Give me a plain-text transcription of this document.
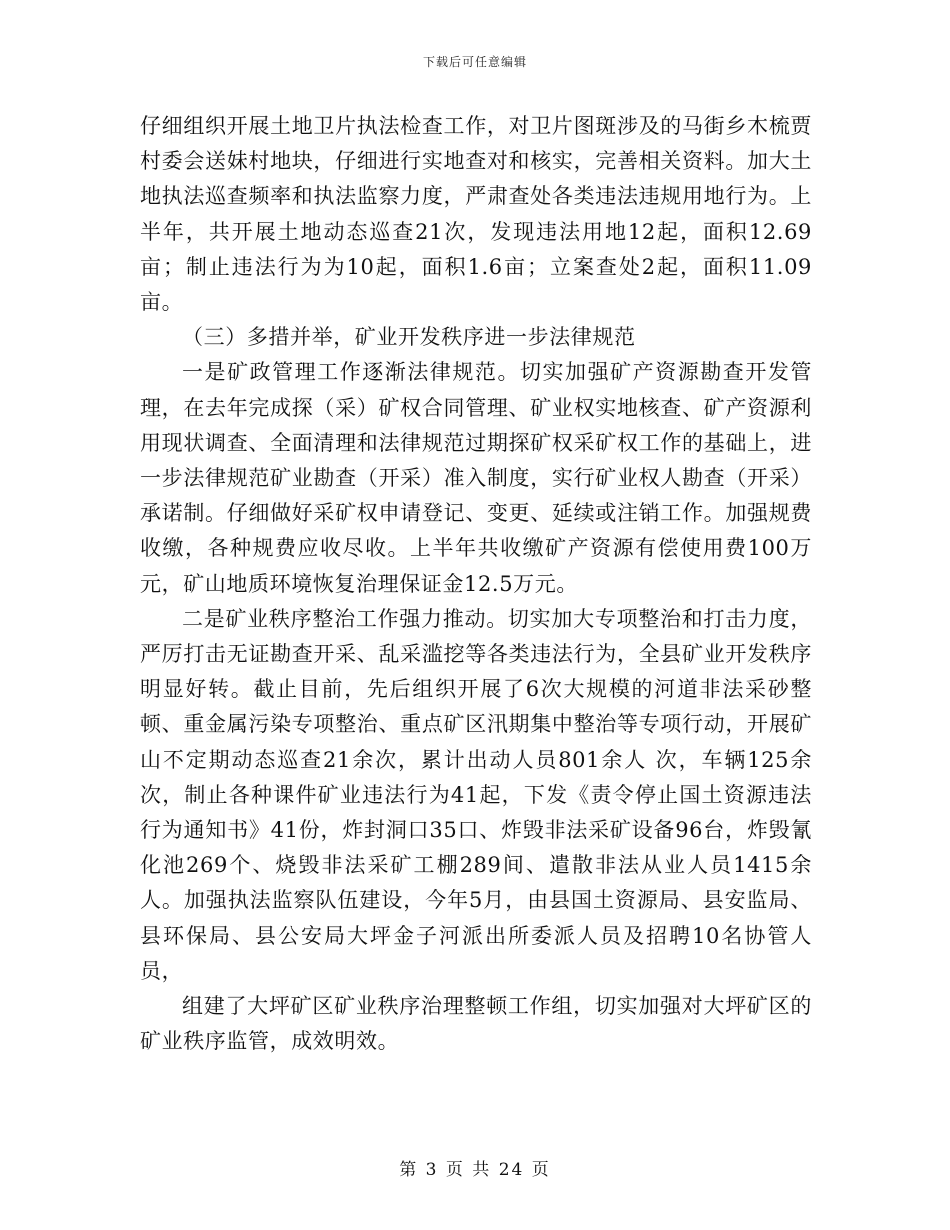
下载后可任意编辑

仔细组织开展土地卫片执法检查工作，对卫片图斑涉及的马街乡木梳贾村委会送妹村地块，仔细进行实地查对和核实，完善相关资料。加大土地执法巡查频率和执法监察力度，严肃查处各类违法违规用地行为。上半年，共开展土地动态巡查21次，发现违法用地12起，面积12.69亩；制止违法行为为10起，面积1.6亩；立案查处2起，面积11.09亩。

（三）多措并举，矿业开发秩序进一步法律规范

一是矿政管理工作逐渐法律规范。切实加强矿产资源勘查开发管理，在去年完成探（采）矿权合同管理、矿业权实地核查、矿产资源利用现状调查、全面清理和法律规范过期探矿权采矿权工作的基础上，进一步法律规范矿业勘查（开采）准入制度，实行矿业权人勘查（开采）承诺制。仔细做好采矿权申请登记、变更、延续或注销工作。加强规费收缴，各种规费应收尽收。上半年共收缴矿产资源有偿使用费100万元，矿山地质环境恢复治理保证金12.5万元。

二是矿业秩序整治工作强力推动。切实加大专项整治和打击力度，严厉打击无证勘查开采、乱采滥挖等各类违法行为，全县矿业开发秩序明显好转。截止目前，先后组织开展了6次大规模的河道非法采砂整顿、重金属污染专项整治、重点矿区汛期集中整治等专项行动，开展矿山不定期动态巡查21余次，累计出动人员801余人 次，车辆125余次，制止各种课件矿业违法行为41起，下发《责令停止国土资源违法行为通知书》41份，炸封洞口35口、炸毁非法采矿设备96台，炸毁氰化池269个、烧毁非法采矿工棚289间、遣散非法从业人员1415余人。加强执法监察队伍建设，今年5月，由县国土资源局、县安监局、县环保局、县公安局大坪金子河派出所委派人员及招聘10名协管人员，

组建了大坪矿区矿业秩序治理整顿工作组，切实加强对大坪矿区的矿业秩序监管，成效明效。

第 3 页 共 24 页
